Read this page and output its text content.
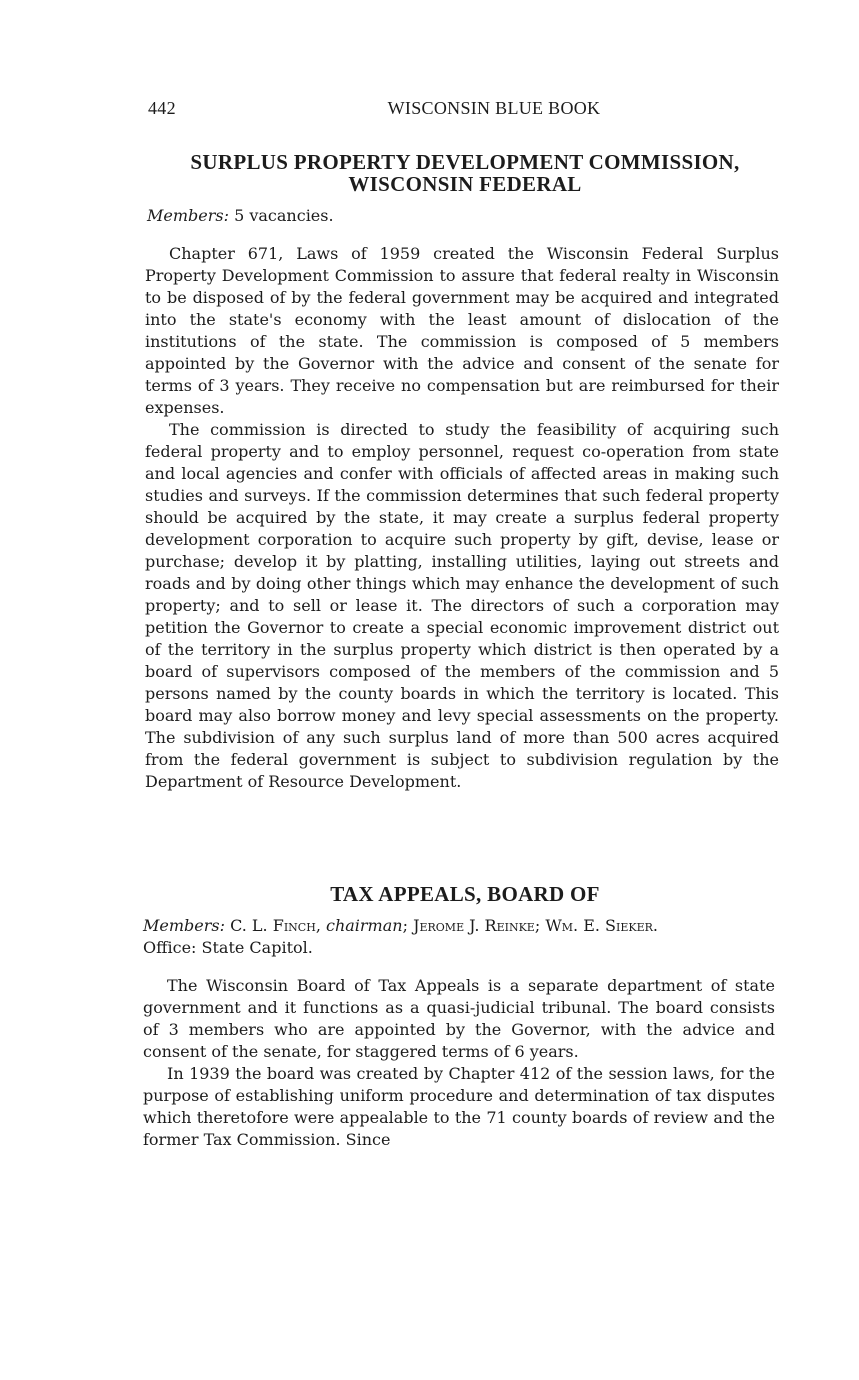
442	WISCONSIN BLUE BOOK
SURPLUS PROPERTY DEVELOPMENT COMMISSION,
WISCONSIN FEDERAL
Members: 5 vacancies.

Chapter 671, Laws of 1959 created the Wisconsin Federal Surplus Property Development Commission to assure that federal realty in Wisconsin to be disposed of by the federal government may be acquired and integrated into the state's economy with the least amount of dislocation of the institutions of the state. The commission is composed of 5 members appointed by the Governor with the advice and consent of the senate for terms of 3 years. They receive no compensation but are reimbursed for their expenses.

The commission is directed to study the feasibility of acquiring such federal property and to employ personnel, request co-operation from state and local agencies and confer with officials of affected areas in making such studies and surveys. If the commission determines that such federal property should be acquired by the state, it may create a surplus federal property development corporation to acquire such property by gift, devise, lease or purchase; develop it by platting, installing utilities, laying out streets and roads and by doing other things which may enhance the development of such property; and to sell or lease it. The directors of such a corporation may petition the Governor to create a special economic improvement district out of the territory in the surplus property which district is then operated by a board of supervisors composed of the members of the commission and 5 persons named by the county boards in which the territory is located. This board may also borrow money and levy special assessments on the property. The subdivision of any such surplus land of more than 500 acres acquired from the federal government is subject to subdivision regulation by the Department of Resource Development.

TAX APPEALS, BOARD OF
Members: C. L. Finch, chairman; Jerome J. Reinke; Wm. E. Sieker.
Office: State Capitol.

The Wisconsin Board of Tax Appeals is a separate department of state government and it functions as a quasi-judicial tribunal. The board consists of 3 members who are appointed by the Governor, with the advice and consent of the senate, for staggered terms of 6 years.

In 1939 the board was created by Chapter 412 of the session laws, for the purpose of establishing uniform procedure and determination of tax disputes which theretofore were appealable to the 71 county boards of review and the former Tax Commission. Since
